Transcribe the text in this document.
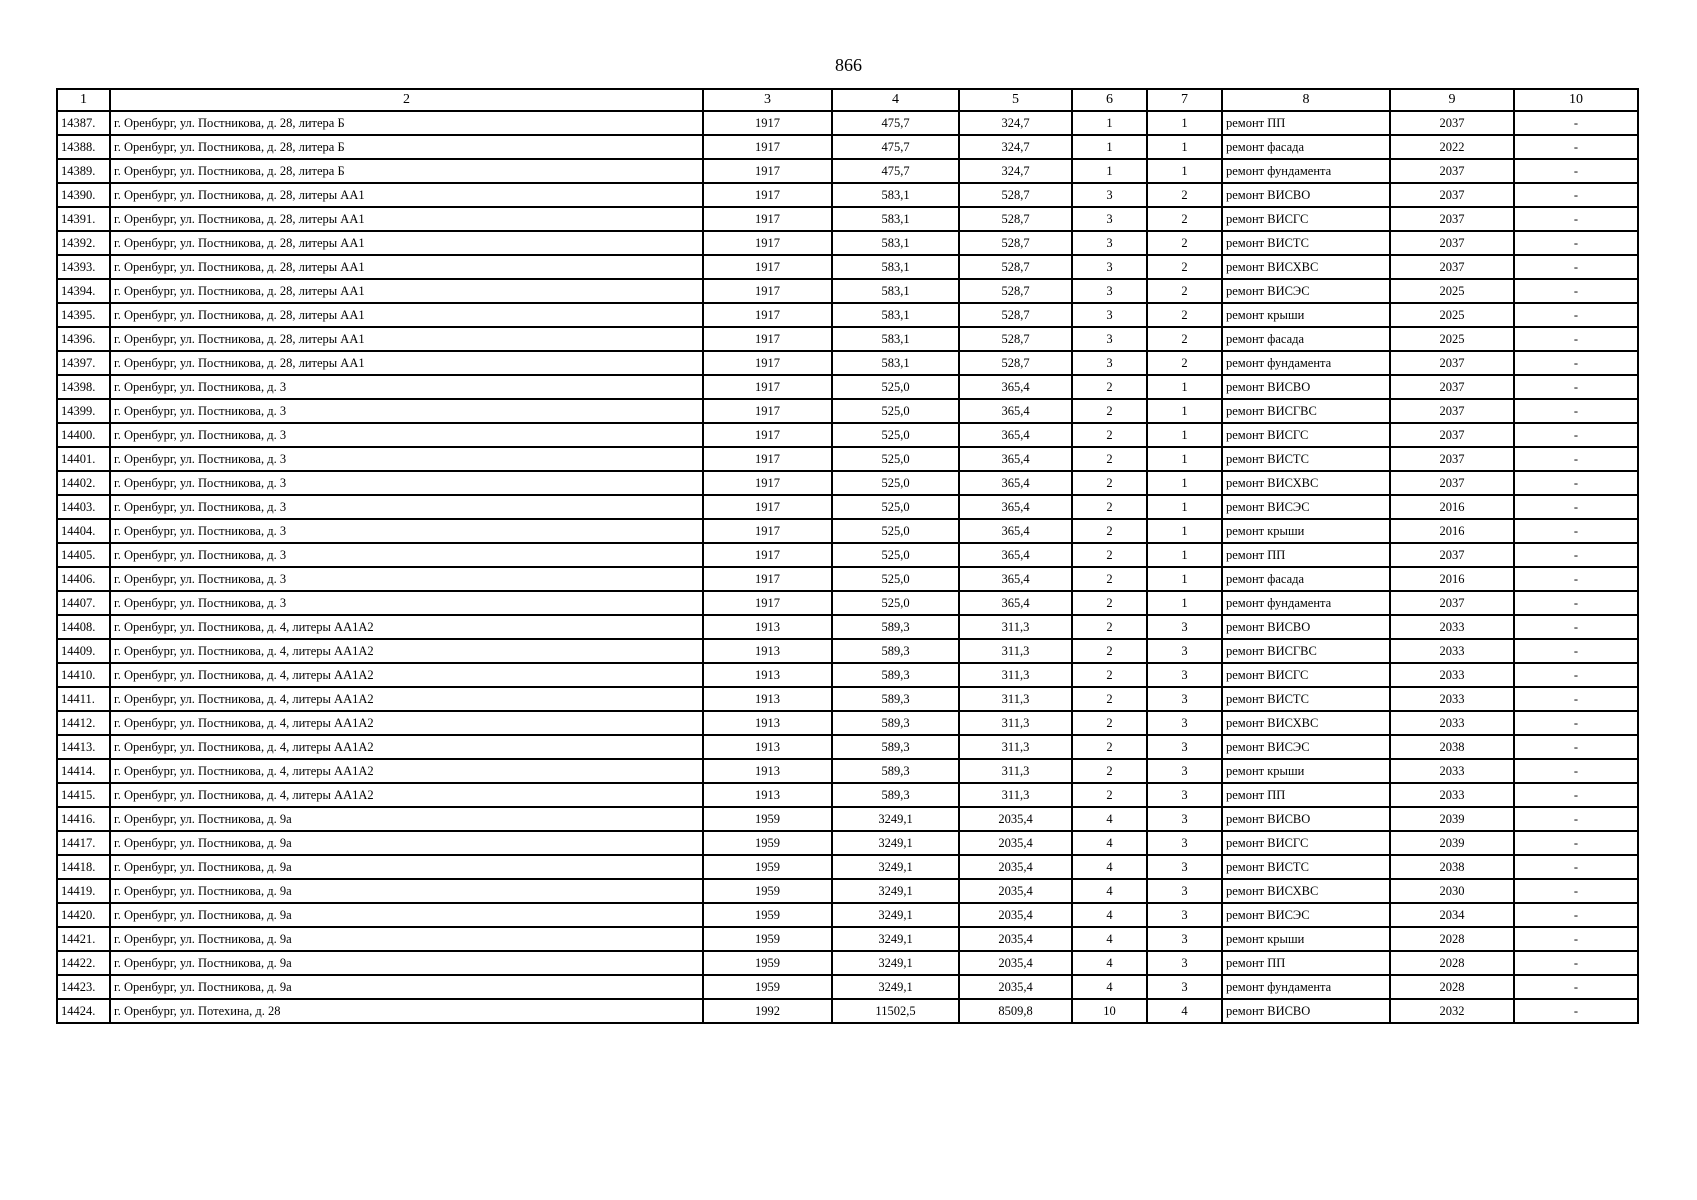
866
1	2	3	4	5	6	7	8	9	10
14387.	г. Оренбург, ул. Постникова, д. 28, литера Б	1917	475,7	324,7	1	1	ремонт ПП	2037	-
14388.	г. Оренбург, ул. Постникова, д. 28, литера Б	1917	475,7	324,7	1	1	ремонт фасада	2022	-
14389.	г. Оренбург, ул. Постникова, д. 28, литера Б	1917	475,7	324,7	1	1	ремонт фундамента	2037	-
14390.	г. Оренбург, ул. Постникова, д. 28, литеры АА1	1917	583,1	528,7	3	2	ремонт ВИСВО	2037	-
14391.	г. Оренбург, ул. Постникова, д. 28, литеры АА1	1917	583,1	528,7	3	2	ремонт ВИСГС	2037	-
14392.	г. Оренбург, ул. Постникова, д. 28, литеры АА1	1917	583,1	528,7	3	2	ремонт ВИСТС	2037	-
14393.	г. Оренбург, ул. Постникова, д. 28, литеры АА1	1917	583,1	528,7	3	2	ремонт ВИСХВС	2037	-
14394.	г. Оренбург, ул. Постникова, д. 28, литеры АА1	1917	583,1	528,7	3	2	ремонт ВИСЭС	2025	-
14395.	г. Оренбург, ул. Постникова, д. 28, литеры АА1	1917	583,1	528,7	3	2	ремонт крыши	2025	-
14396.	г. Оренбург, ул. Постникова, д. 28, литеры АА1	1917	583,1	528,7	3	2	ремонт фасада	2025	-
14397.	г. Оренбург, ул. Постникова, д. 28, литеры АА1	1917	583,1	528,7	3	2	ремонт фундамента	2037	-
14398.	г. Оренбург, ул. Постникова, д. 3	1917	525,0	365,4	2	1	ремонт ВИСВО	2037	-
14399.	г. Оренбург, ул. Постникова, д. 3	1917	525,0	365,4	2	1	ремонт ВИСГВС	2037	-
14400.	г. Оренбург, ул. Постникова, д. 3	1917	525,0	365,4	2	1	ремонт ВИСГС	2037	-
14401.	г. Оренбург, ул. Постникова, д. 3	1917	525,0	365,4	2	1	ремонт ВИСТС	2037	-
14402.	г. Оренбург, ул. Постникова, д. 3	1917	525,0	365,4	2	1	ремонт ВИСХВС	2037	-
14403.	г. Оренбург, ул. Постникова, д. 3	1917	525,0	365,4	2	1	ремонт ВИСЭС	2016	-
14404.	г. Оренбург, ул. Постникова, д. 3	1917	525,0	365,4	2	1	ремонт крыши	2016	-
14405.	г. Оренбург, ул. Постникова, д. 3	1917	525,0	365,4	2	1	ремонт ПП	2037	-
14406.	г. Оренбург, ул. Постникова, д. 3	1917	525,0	365,4	2	1	ремонт фасада	2016	-
14407.	г. Оренбург, ул. Постникова, д. 3	1917	525,0	365,4	2	1	ремонт фундамента	2037	-
14408.	г. Оренбург, ул. Постникова, д. 4, литеры АА1А2	1913	589,3	311,3	2	3	ремонт ВИСВО	2033	-
14409.	г. Оренбург, ул. Постникова, д. 4, литеры АА1А2	1913	589,3	311,3	2	3	ремонт ВИСГВС	2033	-
14410.	г. Оренбург, ул. Постникова, д. 4, литеры АА1А2	1913	589,3	311,3	2	3	ремонт ВИСГС	2033	-
14411.	г. Оренбург, ул. Постникова, д. 4, литеры АА1А2	1913	589,3	311,3	2	3	ремонт ВИСТС	2033	-
14412.	г. Оренбург, ул. Постникова, д. 4, литеры АА1А2	1913	589,3	311,3	2	3	ремонт ВИСХВС	2033	-
14413.	г. Оренбург, ул. Постникова, д. 4, литеры АА1А2	1913	589,3	311,3	2	3	ремонт ВИСЭС	2038	-
14414.	г. Оренбург, ул. Постникова, д. 4, литеры АА1А2	1913	589,3	311,3	2	3	ремонт крыши	2033	-
14415.	г. Оренбург, ул. Постникова, д. 4, литеры АА1А2	1913	589,3	311,3	2	3	ремонт ПП	2033	-
14416.	г. Оренбург, ул. Постникова, д. 9а	1959	3249,1	2035,4	4	3	ремонт ВИСВО	2039	-
14417.	г. Оренбург, ул. Постникова, д. 9а	1959	3249,1	2035,4	4	3	ремонт ВИСГС	2039	-
14418.	г. Оренбург, ул. Постникова, д. 9а	1959	3249,1	2035,4	4	3	ремонт ВИСТС	2038	-
14419.	г. Оренбург, ул. Постникова, д. 9а	1959	3249,1	2035,4	4	3	ремонт ВИСХВС	2030	-
14420.	г. Оренбург, ул. Постникова, д. 9а	1959	3249,1	2035,4	4	3	ремонт ВИСЭС	2034	-
14421.	г. Оренбург, ул. Постникова, д. 9а	1959	3249,1	2035,4	4	3	ремонт крыши	2028	-
14422.	г. Оренбург, ул. Постникова, д. 9а	1959	3249,1	2035,4	4	3	ремонт ПП	2028	-
14423.	г. Оренбург, ул. Постникова, д. 9а	1959	3249,1	2035,4	4	3	ремонт фундамента	2028	-
14424.	г. Оренбург, ул. Потехина, д. 28	1992	11502,5	8509,8	10	4	ремонт ВИСВО	2032	-
